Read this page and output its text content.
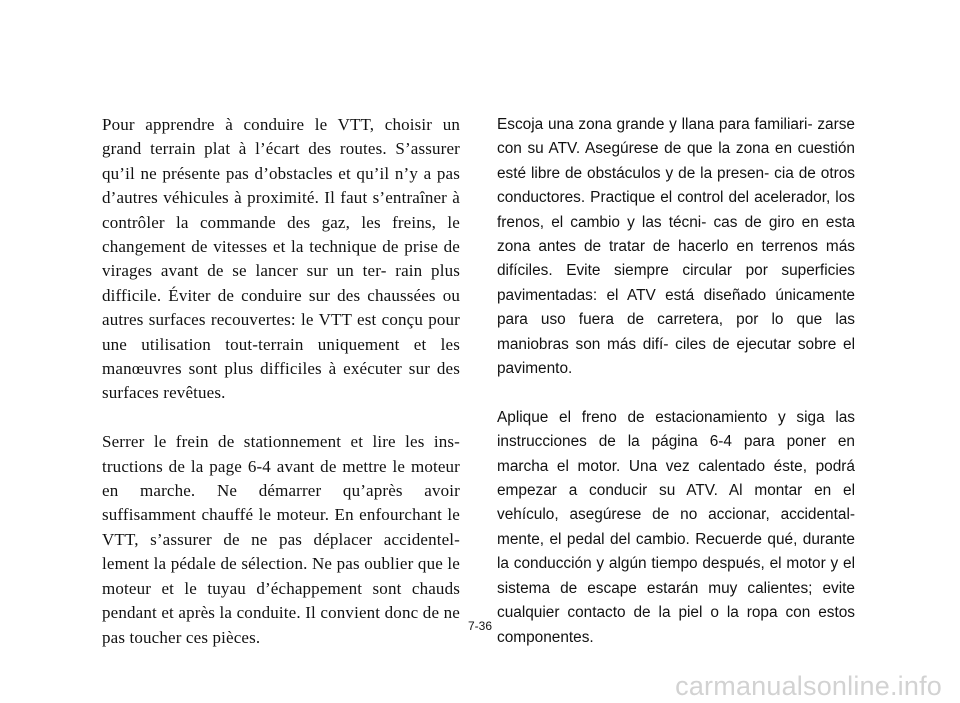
Pour apprendre à conduire le VTT, choisir un grand terrain plat à l’écart des routes. S’assurer qu’il ne présente pas d’obstacles et qu’il n’y a pas d’autres véhicules à proximité. Il faut s’entraîner à contrôler la commande des gaz, les freins, le changement de vitesses et la technique de prise de virages avant de se lancer sur un ter- rain plus difficile. Éviter de conduire sur des chaussées ou autres surfaces recouvertes: le VTT est conçu pour une utilisation tout-terrain uniquement et les manœuvres sont plus difficiles à exécuter sur des surfaces revêtues.

Serrer le frein de stationnement et lire les ins- tructions de la page 6-4 avant de mettre le moteur en marche. Ne démarrer qu’après avoir suffisamment chauffé le moteur. En enfourchant le VTT, s’assurer de ne pas déplacer accidentel- lement la pédale de sélection. Ne pas oublier que le moteur et le tuyau d’échappement sont chauds pendant et après la conduite. Il convient donc de ne pas toucher ces pièces.

Escoja una zona grande y llana para familiari- zarse con su ATV. Asegúrese de que la zona en cuestión esté libre de obstáculos y de la presen- cia de otros conductores. Practique el control del acelerador, los frenos, el cambio y las técni- cas de giro en esta zona antes de tratar de hacerlo en terrenos más difíciles. Evite siempre circular por superficies pavimentadas: el ATV está diseñado únicamente para uso fuera de carretera, por lo que las maniobras son más difí- ciles de ejecutar sobre el pavimento.

Aplique el freno de estacionamiento y siga las instrucciones de la página 6-4 para poner en marcha el motor. Una vez calentado éste, podrá empezar a conducir su ATV. Al montar en el vehículo, asegúrese de no accionar, accidental- mente, el pedal del cambio. Recuerde qué, durante la conducción y algún tiempo después, el motor y el sistema de escape estarán muy calientes; evite cualquier contacto de la piel o la ropa con estos componentes.

7-36
carmanualsonline.info
